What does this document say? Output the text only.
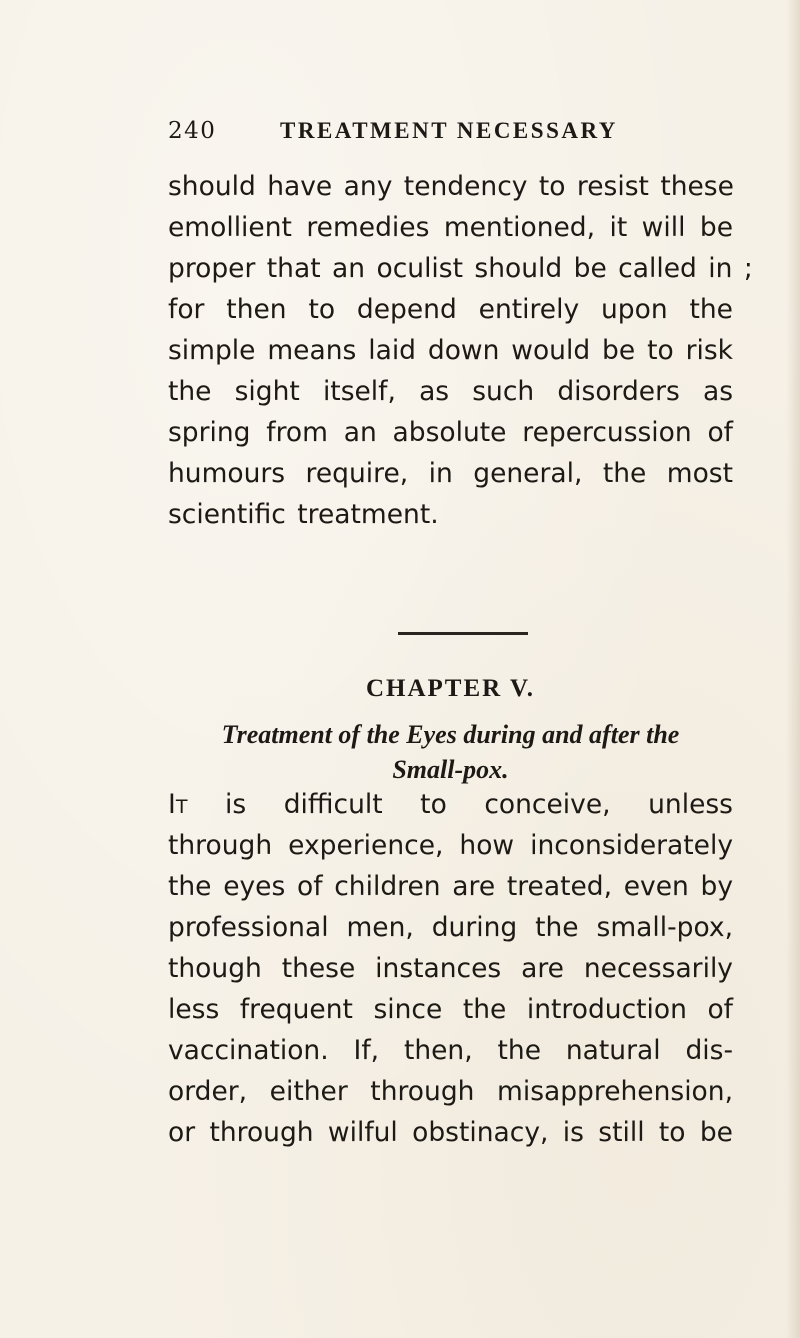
240	TREATMENT NECESSARY
should have any tendency to resist these
emollient remedies mentioned, it will be
proper that an oculist should be called in ;
for then to depend entirely upon the
simple means laid down would be to risk
the sight itself, as such disorders as
spring from an absolute repercussion of
humours require, in general, the most
scientific treatment.
CHAPTER V.
Treatment of the Eyes during and after the
Small-pox.
It is difficult to conceive, unless
through experience, how inconsiderately
the eyes of children are treated, even by
professional men, during the small-pox,
though these instances are necessarily
less frequent since the introduction of
vaccination. If, then, the natural dis-
order, either through misapprehension,
or through wilful obstinacy, is still to be
